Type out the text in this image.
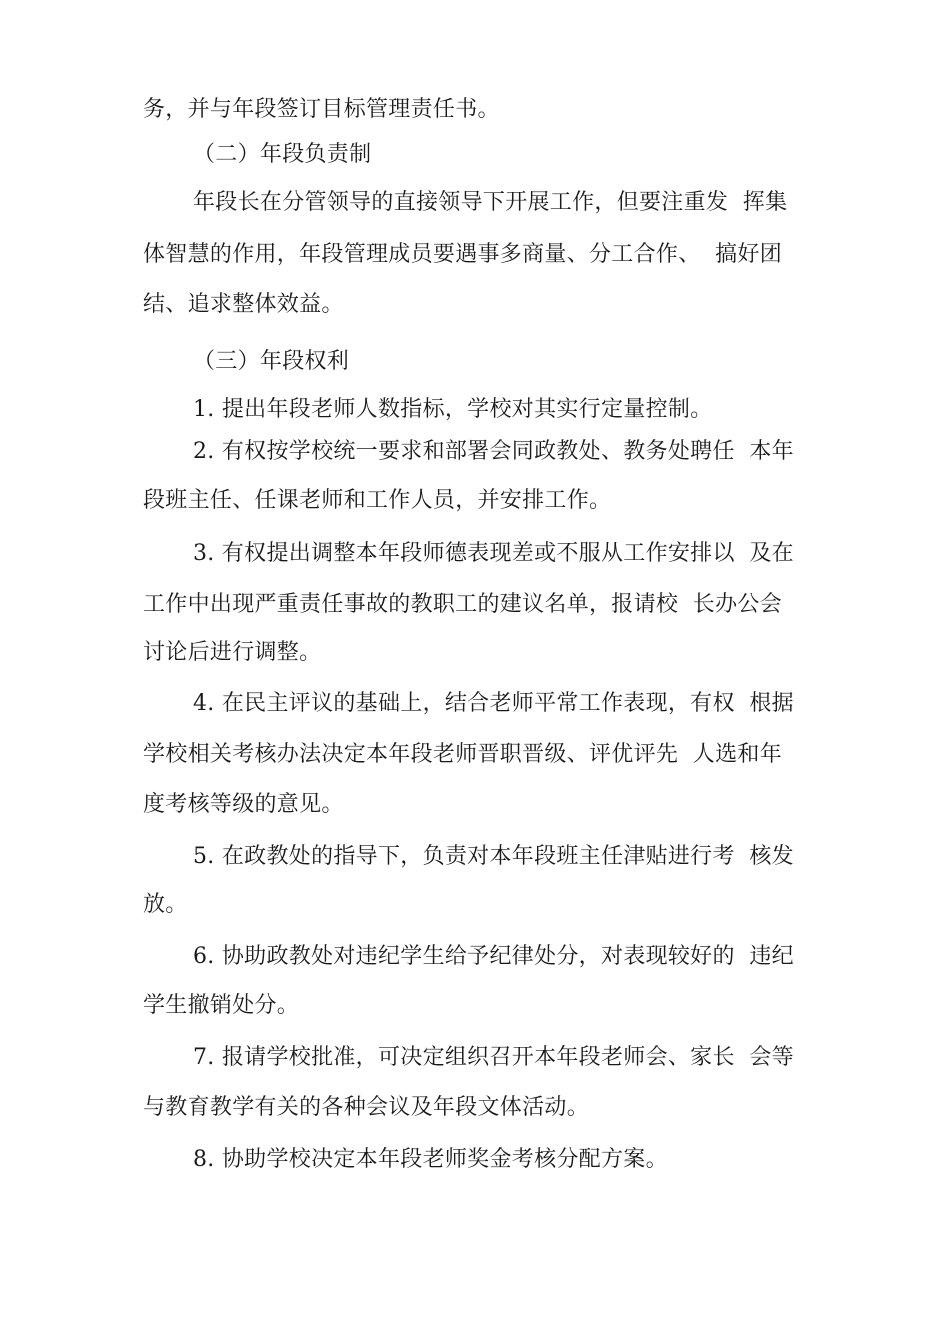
务，并与年段签订目标管理责任书。
（二）年段负责制
年段长在分管领导的直接领导下开展工作，但要注重发  挥集
体智慧的作用，年段管理成员要遇事多商量、分工合作、  搞好团
结、追求整体效益。
（三）年段权利
1. 提出年段老师人数指标，学校对其实行定量控制。
2. 有权按学校统一要求和部署会同政教处、教务处聘任  本年
段班主任、任课老师和工作人员，并安排工作。
3. 有权提出调整本年段师德表现差或不服从工作安排以  及在
工作中出现严重责任事故的教职工的建议名单，报请校  长办公会
讨论后进行调整。
4. 在民主评议的基础上，结合老师平常工作表现，有权  根据
学校相关考核办法决定本年段老师晋职晋级、评优评先  人选和年
度考核等级的意见。
5. 在政教处的指导下，负责对本年段班主任津贴进行考  核发
放。
6. 协助政教处对违纪学生给予纪律处分，对表现较好的  违纪
学生撤销处分。
7. 报请学校批准，可决定组织召开本年段老师会、家长  会等
与教育教学有关的各种会议及年段文体活动。
8. 协助学校决定本年段老师奖金考核分配方案。
